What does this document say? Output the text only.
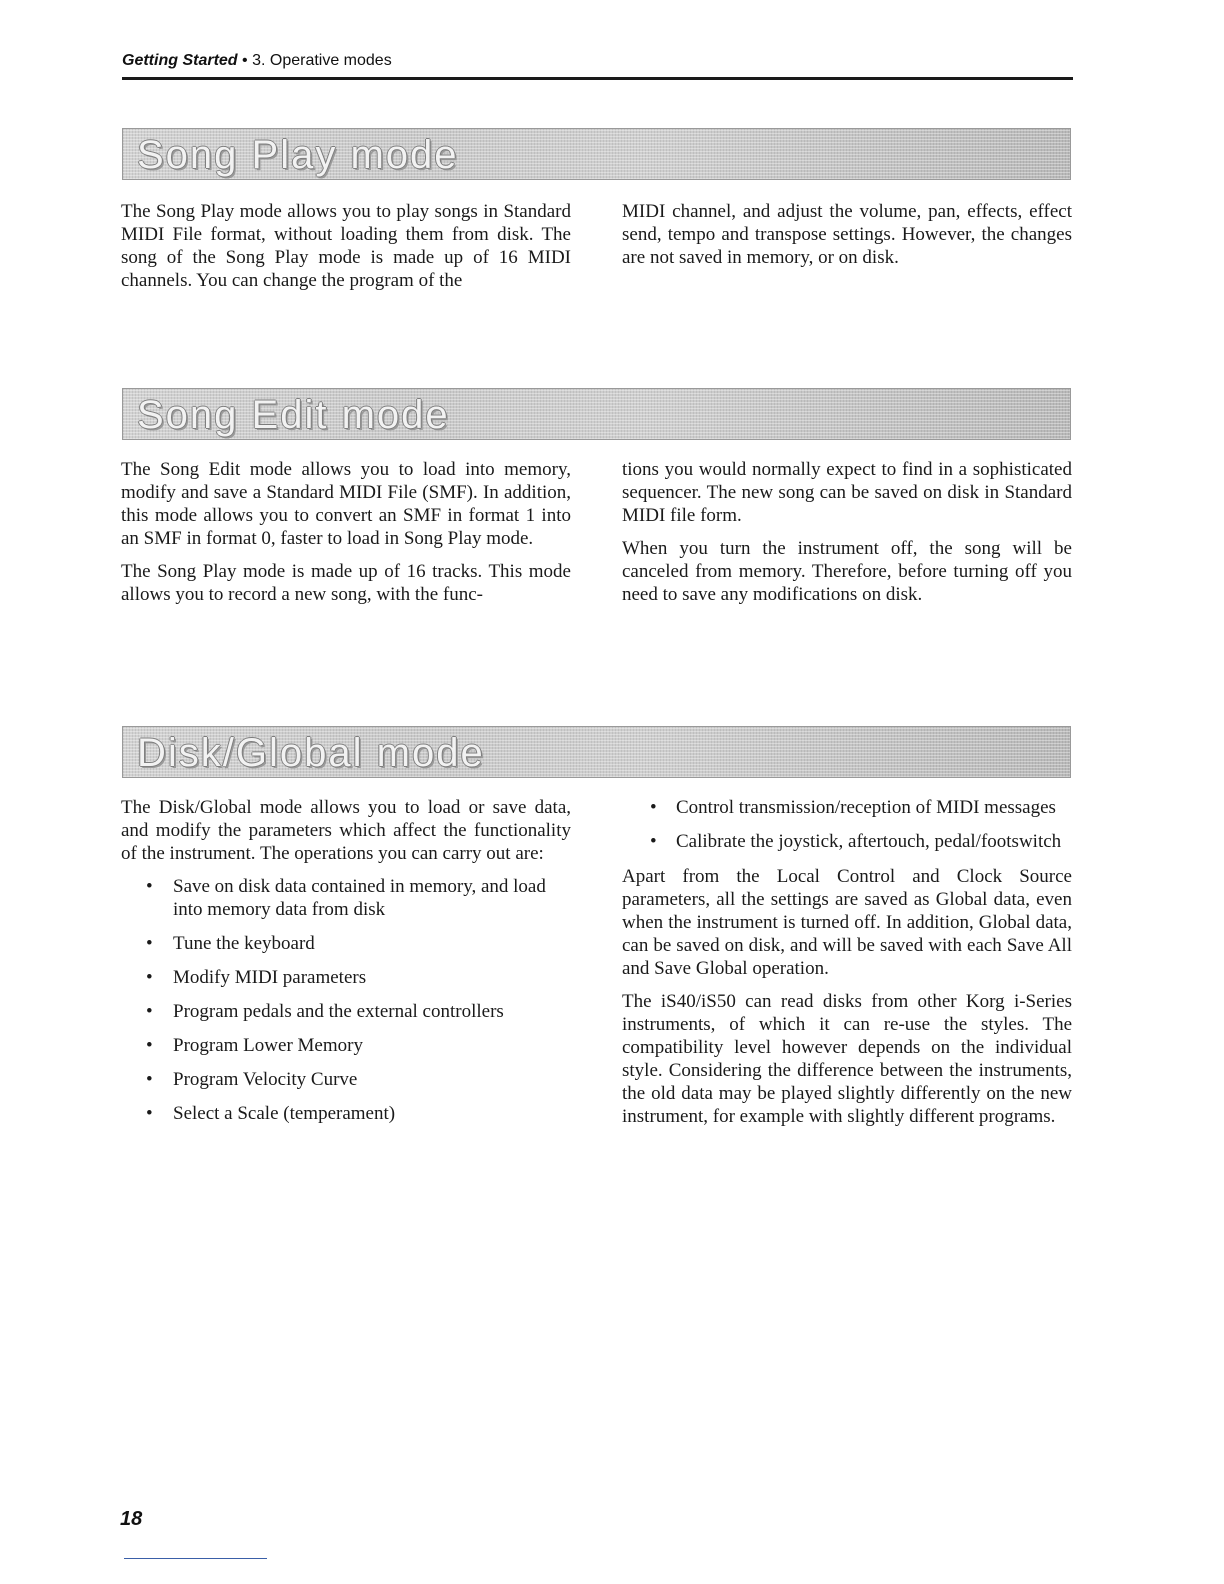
Getting Started • 3. Operative modes
Song Play mode

The Song Play mode allows you to play songs in Standard MIDI File format, without loading them from disk. The song of the Song Play mode is made up of 16 MIDI channels. You can change the program of the

MIDI channel, and adjust the volume, pan, effects, effect send, tempo and transpose settings. However, the changes are not saved in memory, or on disk.

Song Edit mode

The Song Edit mode allows you to load into memory, modify and save a Standard MIDI File (SMF). In addition, this mode allows you to convert an SMF in format 1 into an SMF in format 0, faster to load in Song Play mode.

The Song Play mode is made up of 16 tracks. This mode allows you to record a new song, with the func-

tions you would normally expect to find in a sophisticated sequencer. The new song can be saved on disk in Standard MIDI file form.

When you turn the instrument off, the song will be canceled from memory. Therefore, before turning off you need to save any modifications on disk.

Disk/Global mode

The Disk/Global mode allows you to load or save data, and modify the parameters which affect the functionality of the instrument. The operations you can carry out are:

• Save on disk data contained in memory, and load into memory data from disk
• Tune the keyboard
• Modify MIDI parameters
• Program pedals and the external controllers
• Program Lower Memory
• Program Velocity Curve
• Select a Scale (temperament)
• Control transmission/reception of MIDI messages
• Calibrate the joystick, aftertouch, pedal/footswitch

Apart from the Local Control and Clock Source parameters, all the settings are saved as Global data, even when the instrument is turned off. In addition, Global data, can be saved on disk, and will be saved with each Save All and Save Global operation.

The iS40/iS50 can read disks from other Korg i-Series instruments, of which it can re-use the styles. The compatibility level however depends on the individual style. Considering the difference between the instruments, the old data may be played slightly differently on the new instrument, for example with slightly different programs.

18
